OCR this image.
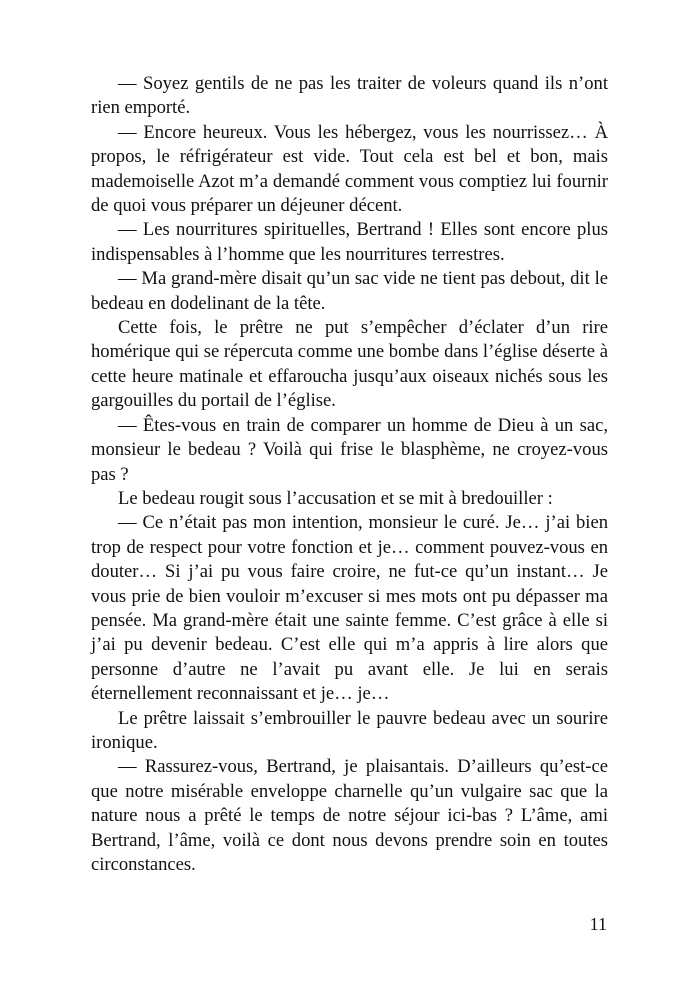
— Soyez gentils de ne pas les traiter de voleurs quand ils n’ont rien emporté.

— Encore heureux. Vous les hébergez, vous les nourrissez… À propos, le réfrigérateur est vide. Tout cela est bel et bon, mais mademoiselle Azot m’a demandé comment vous comptiez lui fournir de quoi vous préparer un déjeuner décent.

— Les nourritures spirituelles, Bertrand ! Elles sont encore plus indispensables à l’homme que les nourritures terrestres.

— Ma grand-mère disait qu’un sac vide ne tient pas debout, dit le bedeau en dodelinant de la tête.

Cette fois, le prêtre ne put s’empêcher d’éclater d’un rire homérique qui se répercuta comme une bombe dans l’église déserte à cette heure matinale et effaroucha jusqu’aux oiseaux nichés sous les gargouilles du portail de l’église.

— Êtes-vous en train de comparer un homme de Dieu à un sac, monsieur le bedeau ? Voilà qui frise le blasphème, ne croyez-vous pas ?

Le bedeau rougit sous l’accusation et se mit à bredouiller :

— Ce n’était pas mon intention, monsieur le curé. Je… j’ai bien trop de respect pour votre fonction et je… comment pouvez-vous en douter… Si j’ai pu vous faire croire, ne fut-ce qu’un instant… Je vous prie de bien vouloir m’excuser si mes mots ont pu dépasser ma pensée. Ma grand-mère était une sainte femme. C’est grâce à elle si j’ai pu devenir bedeau. C’est elle qui m’a appris à lire alors que personne d’autre ne l’avait pu avant elle. Je lui en serais éternellement reconnaissant et je… je…

Le prêtre laissait s’embrouiller le pauvre bedeau avec un sourire ironique.

— Rassurez-vous, Bertrand, je plaisantais. D’ailleurs qu’est-ce que notre misérable enveloppe charnelle qu’un vulgaire sac que la nature nous a prêté le temps de notre séjour ici-bas ? L’âme, ami Bertrand, l’âme, voilà ce dont nous devons prendre soin en toutes circonstances.

11
